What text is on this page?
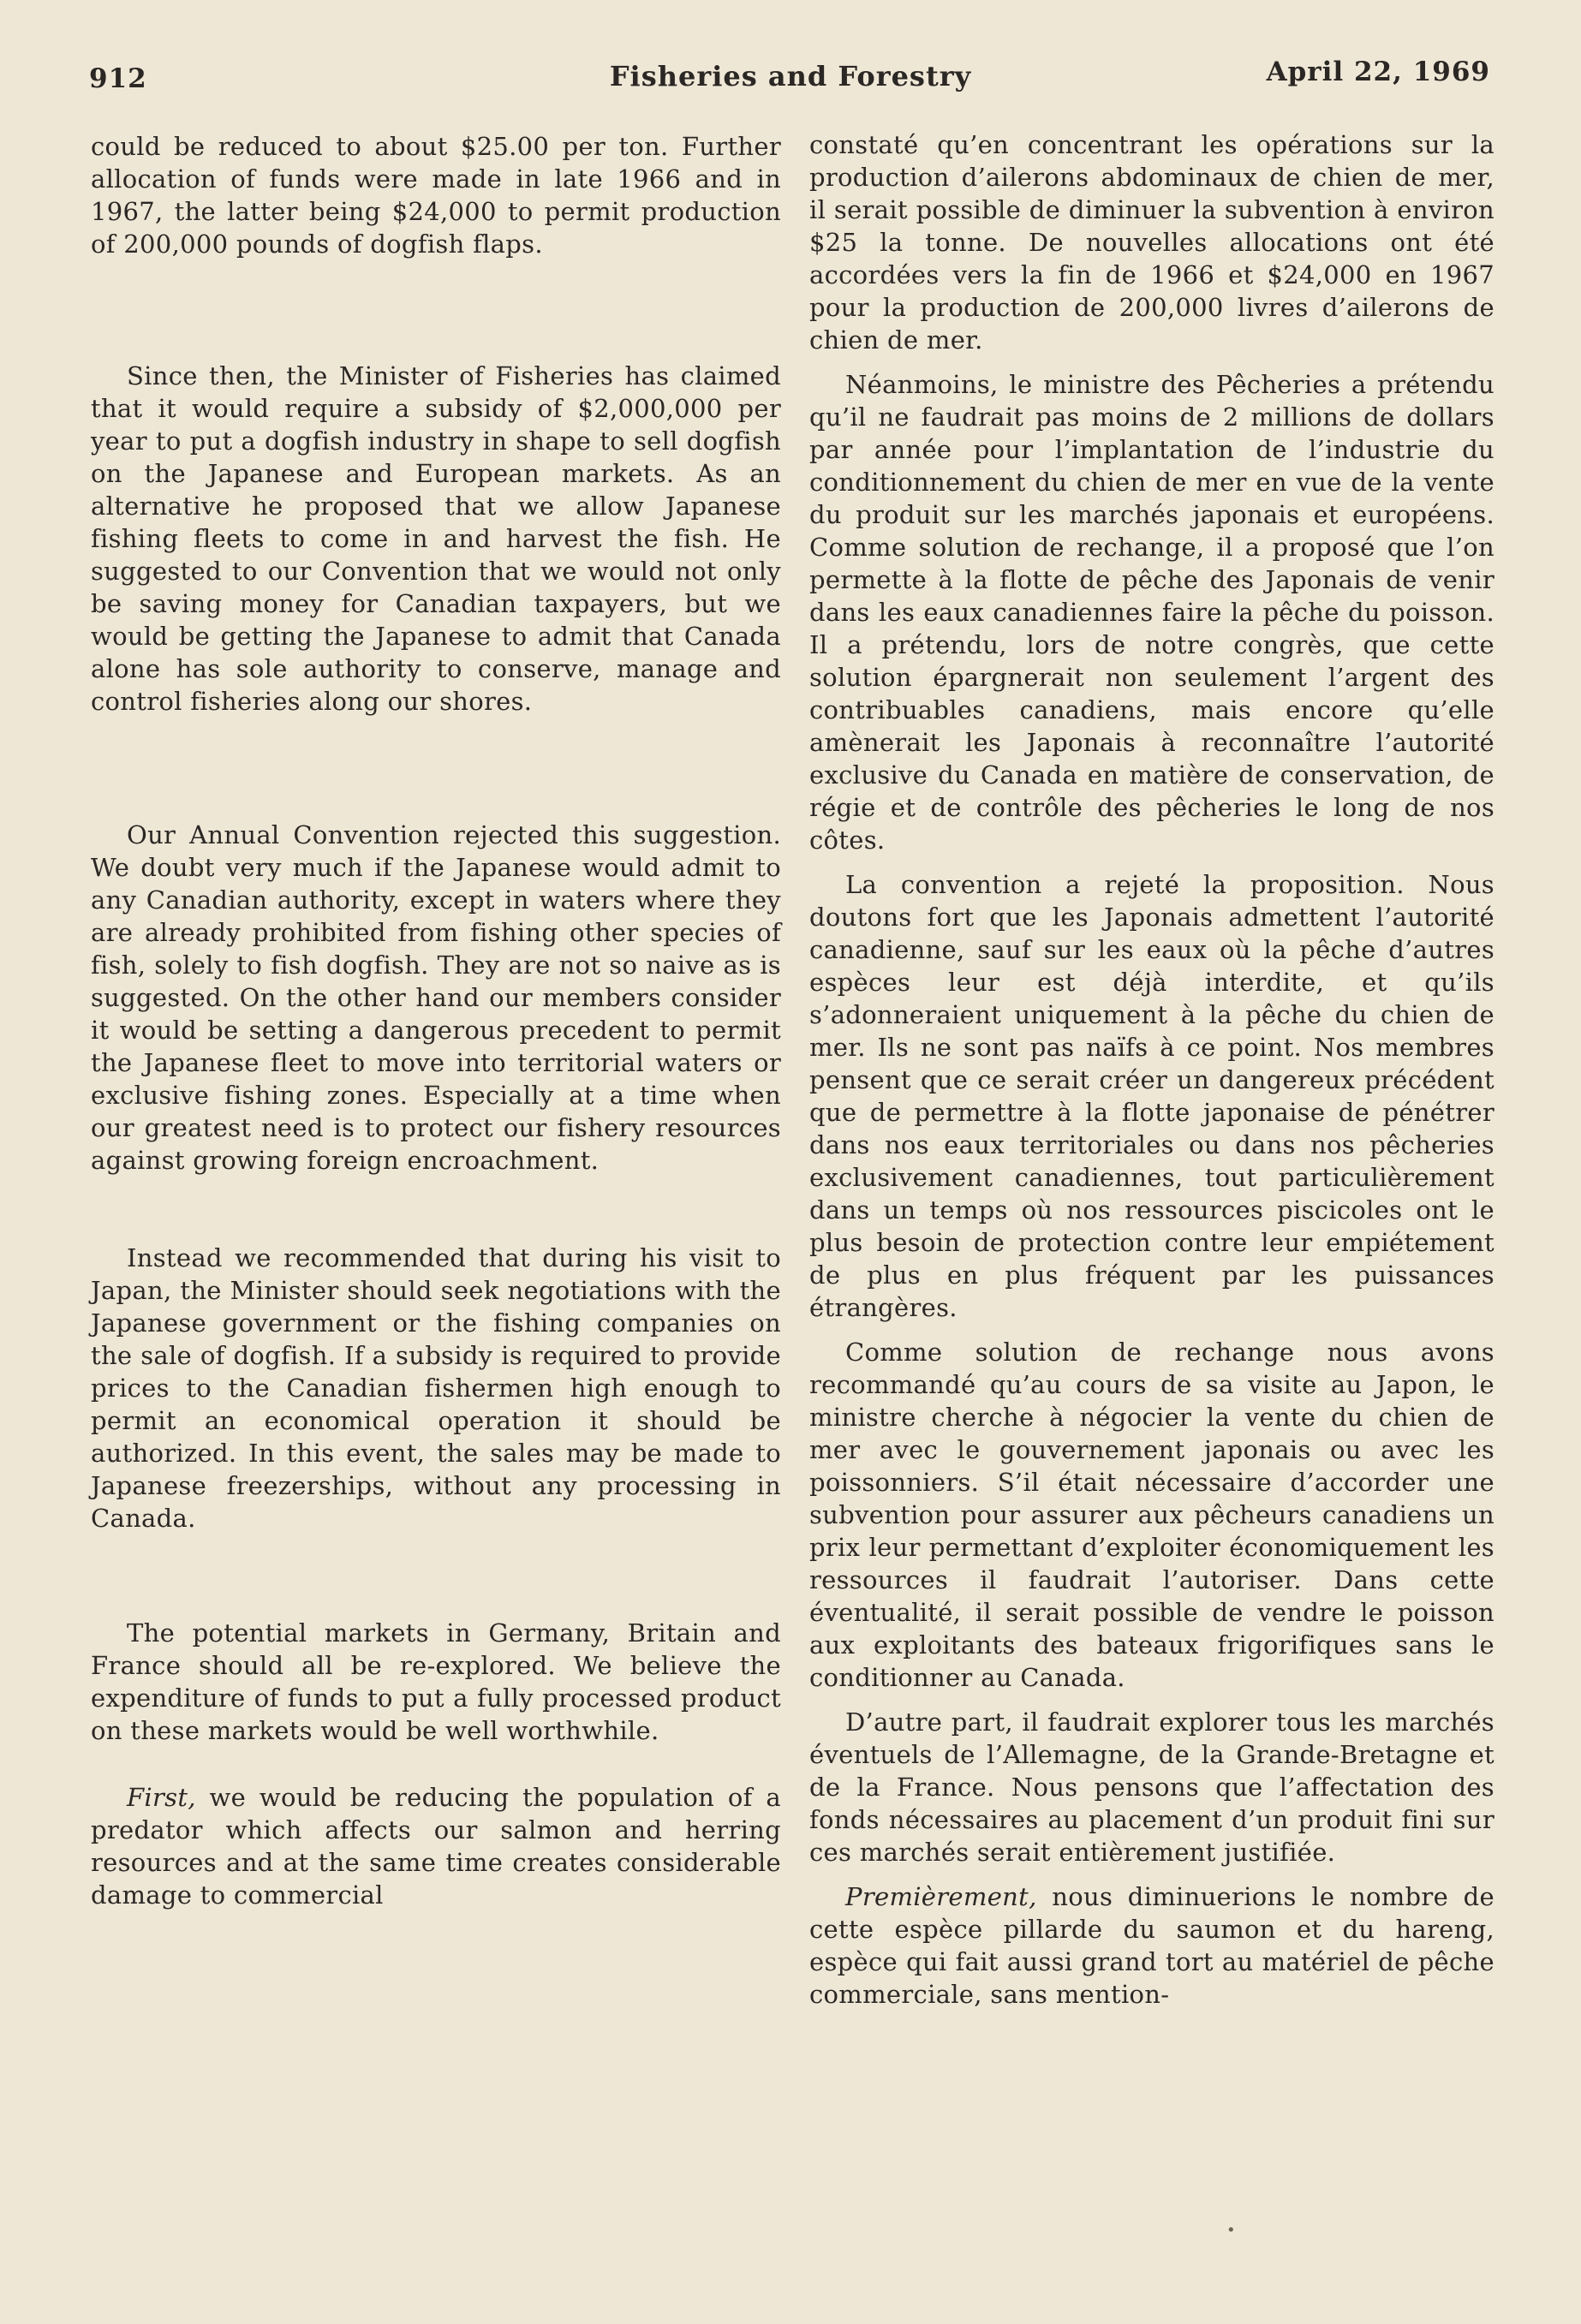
912	Fisheries and Forestry	April 22, 1969

could be reduced to about $25.00 per ton. Further allocation of funds were made in late 1966 and in 1967, the latter being $24,000 to permit production of 200,000 pounds of dogfish flaps.

Since then, the Minister of Fisheries has claimed that it would require a subsidy of $2,000,000 per year to put a dogfish industry in shape to sell dogfish on the Japanese and European markets. As an alternative he proposed that we allow Japanese fishing fleets to come in and harvest the fish. He suggested to our Convention that we would not only be saving money for Canadian taxpayers, but we would be getting the Japanese to admit that Canada alone has sole authority to conserve, manage and control fisheries along our shores.

Our Annual Convention rejected this suggestion. We doubt very much if the Japanese would admit to any Canadian authority, except in waters where they are already prohibited from fishing other species of fish, solely to fish dogfish. They are not so naive as is suggested. On the other hand our members consider it would be setting a dangerous precedent to permit the Japanese fleet to move into territorial waters or exclusive fishing zones. Especially at a time when our greatest need is to protect our fishery resources against growing foreign encroachment.

Instead we recommended that during his visit to Japan, the Minister should seek negotiations with the Japanese government or the fishing companies on the sale of dogfish. If a subsidy is required to provide prices to the Canadian fishermen high enough to permit an economical operation it should be authorized. In this event, the sales may be made to Japanese freezerships, without any processing in Canada.

The potential markets in Germany, Britain and France should all be re-explored. We believe the expenditure of funds to put a fully processed product on these markets would be well worthwhile.

First, we would be reducing the population of a predator which affects our salmon and herring resources and at the same time creates considerable damage to commercial

constaté qu’en concentrant les opérations sur la production d’ailerons abdominaux de chien de mer, il serait possible de diminuer la subvention à environ $25 la tonne. De nouvelles allocations ont été accordées vers la fin de 1966 et $24,000 en 1967 pour la production de 200,000 livres d’ailerons de chien de mer.

Néanmoins, le ministre des Pêcheries a prétendu qu’il ne faudrait pas moins de 2 millions de dollars par année pour l’implantation de l’industrie du conditionnement du chien de mer en vue de la vente du produit sur les marchés japonais et européens. Comme solution de rechange, il a proposé que l’on permette à la flotte de pêche des Japonais de venir dans les eaux canadiennes faire la pêche du poisson. Il a prétendu, lors de notre congrès, que cette solution épargnerait non seulement l’argent des contribuables canadiens, mais encore qu’elle amènerait les Japonais à reconnaître l’autorité exclusive du Canada en matière de conservation, de régie et de contrôle des pêcheries le long de nos côtes.

La convention a rejeté la proposition. Nous doutons fort que les Japonais admettent l’autorité canadienne, sauf sur les eaux où la pêche d’autres espèces leur est déjà interdite, et qu’ils s’adonneraient uniquement à la pêche du chien de mer. Ils ne sont pas naïfs à ce point. Nos membres pensent que ce serait créer un dangereux précédent que de permettre à la flotte japonaise de pénétrer dans nos eaux territoriales ou dans nos pêcheries exclusivement canadiennes, tout particulièrement dans un temps où nos ressources piscicoles ont le plus besoin de protection contre leur empiétement de plus en plus fréquent par les puissances étrangères.

Comme solution de rechange nous avons recommandé qu’au cours de sa visite au Japon, le ministre cherche à négocier la vente du chien de mer avec le gouvernement japonais ou avec les poissonniers. S’il était nécessaire d’accorder une subvention pour assurer aux pêcheurs canadiens un prix leur permettant d’exploiter économiquement les ressources il faudrait l’autoriser. Dans cette éventualité, il serait possible de vendre le poisson aux exploitants des bateaux frigorifiques sans le conditionner au Canada.

D’autre part, il faudrait explorer tous les marchés éventuels de l’Allemagne, de la Grande-Bretagne et de la France. Nous pensons que l’affectation des fonds nécessaires au placement d’un produit fini sur ces marchés serait entièrement justifiée.

Premièrement, nous diminuerions le nombre de cette espèce pillarde du saumon et du hareng, espèce qui fait aussi grand tort au matériel de pêche commerciale, sans mention-

•
